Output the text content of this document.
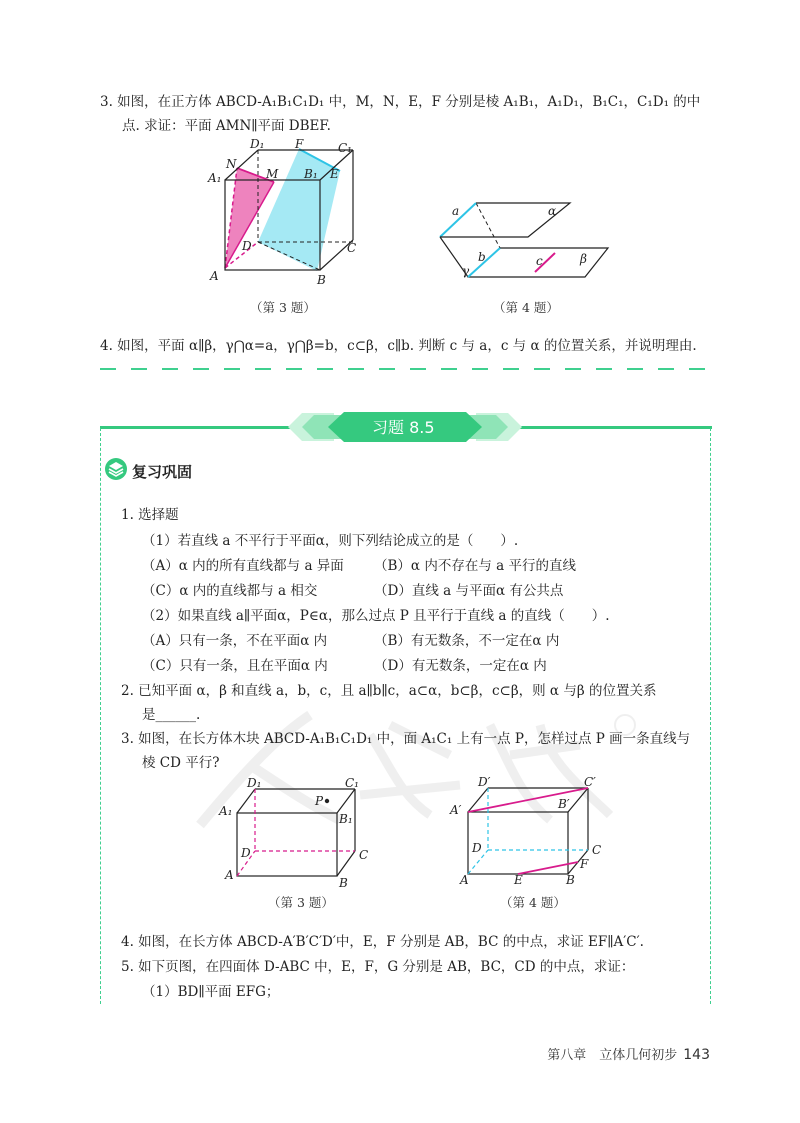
3. 如图，在正方体 ABCD-A₁B₁C₁D₁ 中，M，N，E，F 分别是棱 A₁B₁，A₁D₁，B₁C₁，C₁D₁ 的中
点. 求证：平面 AMN∥平面 DBEF.
D₁	F	C₁
N
A₁	M B₁ E
D	C
A	B
（第 3 题）
a	α
b
γ
c	β
（第 4 题）
4. 如图，平面 α∥β，γ⋂α=a，γ⋂β=b，c⊂β，c∥b. 判断 c 与 a，c 与 α 的位置关系，并说明理由.
习题 8.5
复习巩固
1. 选择题
（1）若直线 a 不平行于平面α，则下列结论成立的是（　　）.
（A）α 内的所有直线都与 a 异面 （B）α 内不存在与 a 平行的直线
（C）α 内的直线都与 a 相交	（D）直线 a 与平面α 有公共点
（2）如果直线 a∥平面α，P∈α，那么过点 P 且平行于直线 a 的直线（　　）.
（A）只有一条，不在平面α 内	（B）有无数条，不一定在α 内
（C）只有一条，且在平面α 内	（D）有无数条，一定在α 内
2. 已知平面 α，β 和直线 a，b，c，且 a∥b∥c，a⊂α，b⊂β，c⊂β，则 α 与β 的位置关系
是______.
3. 如图，在长方体木块 ABCD-A₁B₁C₁D₁ 中，面 A₁C₁ 上有一点 P，怎样过点 P 画一条直线与
棱 CD 平行?
D₁	C₁
A₁
P
B₁
D	C
A
B
（第 3 题）
D′	C′
A′	B′
D	C
F
A	E	B
（第 4 题）
4. 如图，在长方体 ABCD-A′B′C′D′中，E，F 分别是 AB，BC 的中点，求证 EF∥A′C′.
5. 如下页图，在四面体 D-ABC 中，E，F，G 分别是 AB，BC，CD 的中点，求证：
（1）BD∥平面 EFG；
第八章　立体几何初步 143
